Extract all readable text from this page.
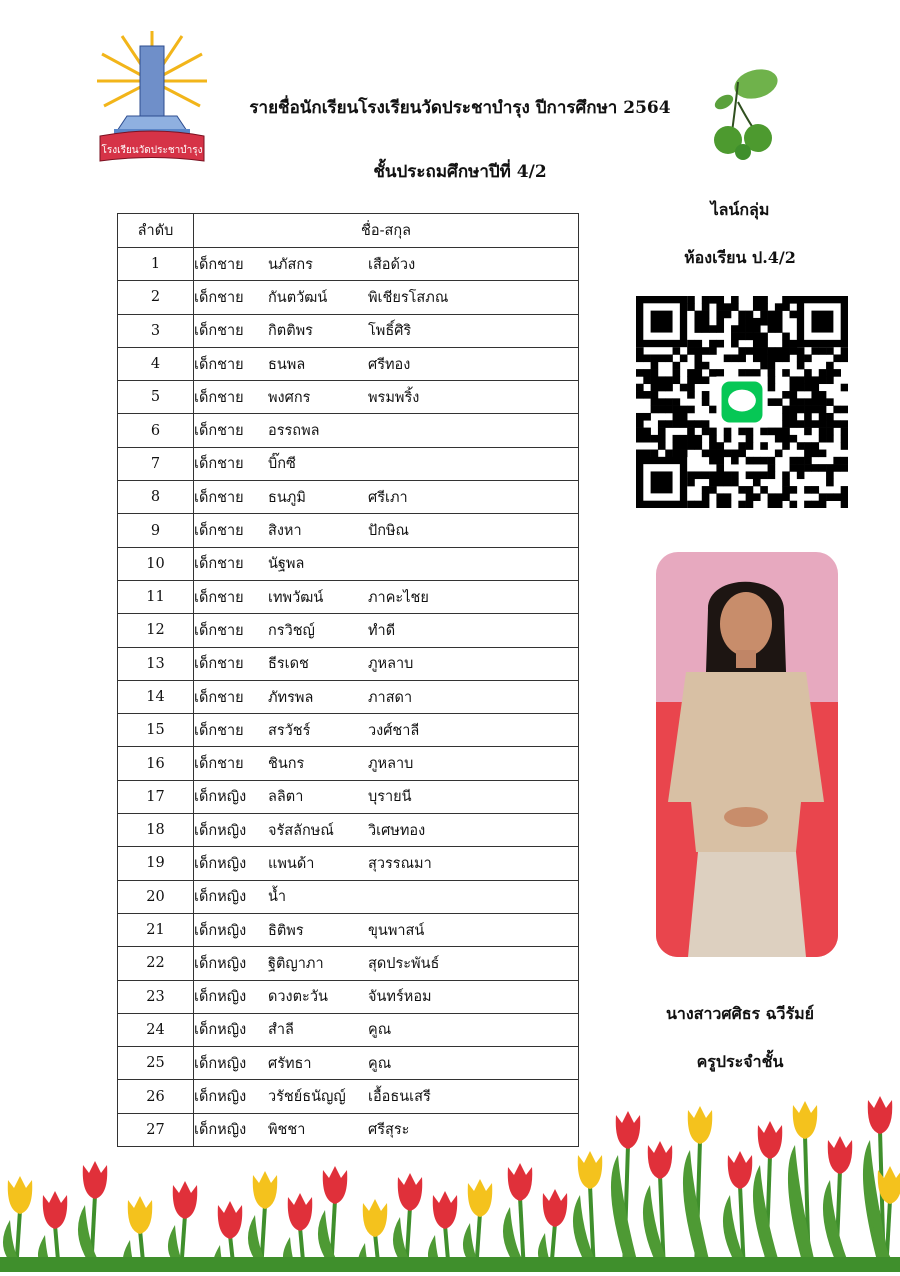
โรงเรียนวัดประชาบำรุง
รายชื่อนักเรียนโรงเรียนวัดประชาบำรุง ปีการศึกษา 2564
ชั้นประถมศึกษาปีที่ 4/2
ไลน์กลุ่ม
ห้องเรียน ป.4/2
นางสาวศศิธร ฉวีรัมย์
ครูประจำชั้น
ลำดับ	ชื่อ-สกุล
1	เด็กชาย นภัสกร เสือด้วง
2	เด็กชาย กันตวัฒน์ พิเชียรโสภณ
3	เด็กชาย กิตติพร โพธิ์ศิริ
4	เด็กชาย ธนพล ศรีทอง
5	เด็กชาย พงศกร พรมพริ้ง
6	เด็กชาย อรรถพล
7	เด็กชาย บิ๊กซี
8	เด็กชาย ธนภูมิ ศรีเภา
9	เด็กชาย สิงหา ปักษิณ
10	เด็กชาย นัฐพล
11	เด็กชาย เทพวัฒน์ ภาคะไชย
12	เด็กชาย กรวิชญ์ ทำดี
13	เด็กชาย ธีรเดช ภูหลาบ
14	เด็กชาย ภัทรพล ภาสดา
15	เด็กชาย สรวัชร์ วงศ์ชาลี
16	เด็กชาย ชินกร ภูหลาบ
17	เด็กหญิง ลลิตา บุรายนี
18	เด็กหญิง จรัสลักษณ์ วิเศษทอง
19	เด็กหญิง แพนด้า สุวรรณมา
20	เด็กหญิง น้ำ
21	เด็กหญิง ธิติพร ขุนพาสน์
22	เด็กหญิง ฐิติญาภา สุดประพันธ์
23	เด็กหญิง ดวงตะวัน จันทร์หอม
24	เด็กหญิง สำลี คูณ
25	เด็กหญิง ศรัทธา คูณ
26	เด็กหญิง วรัชย์ธนัญญ์ เอื้อธนเสรี
27	เด็กหญิง พิชชา ศรีสุระ
